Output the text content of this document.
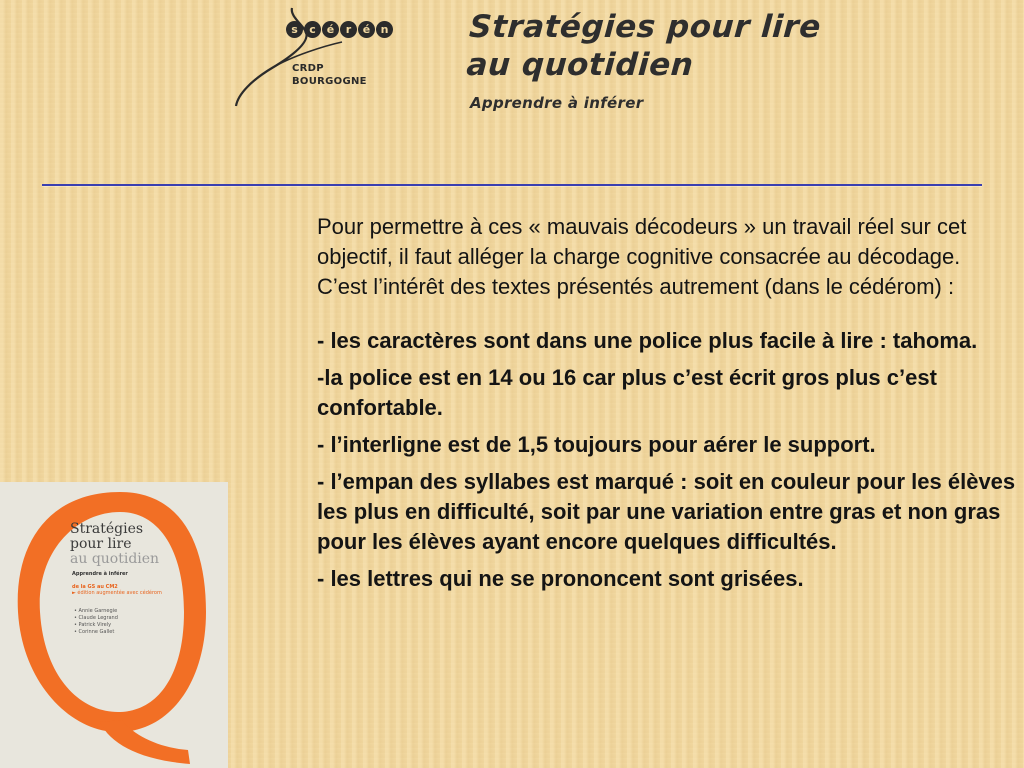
s c é r é n
CRDP
BOURGOGNE
Stratégies pour lire
au quotidien

Apprendre à inférer

Pour permettre à ces « mauvais décodeurs » un travail réel sur cet objectif, il faut alléger la charge cognitive consacrée au décodage. C’est l’intérêt des textes présentés autrement (dans le cédérom) :

- les caractères sont dans une police plus facile à lire : tahoma.

-la police est en 14 ou 16 car plus c’est écrit gros plus c’est confortable.

- l’interligne est de 1,5 toujours pour aérer le support.

- l’empan des syllabes est marqué : soit en couleur pour les élèves les plus en difficulté, soit par une variation entre gras et non gras pour les élèves ayant encore quelques difficultés.

- les lettres qui ne se prononcent sont grisées.

Stratégies
pour lire
au quotidien
Apprendre à inférer
de la GS au CM2
► édition augmentée avec cédérom
• Annie Garnegie
• Claude Legrand
• Patrick Virely
• Corinne Gallet
